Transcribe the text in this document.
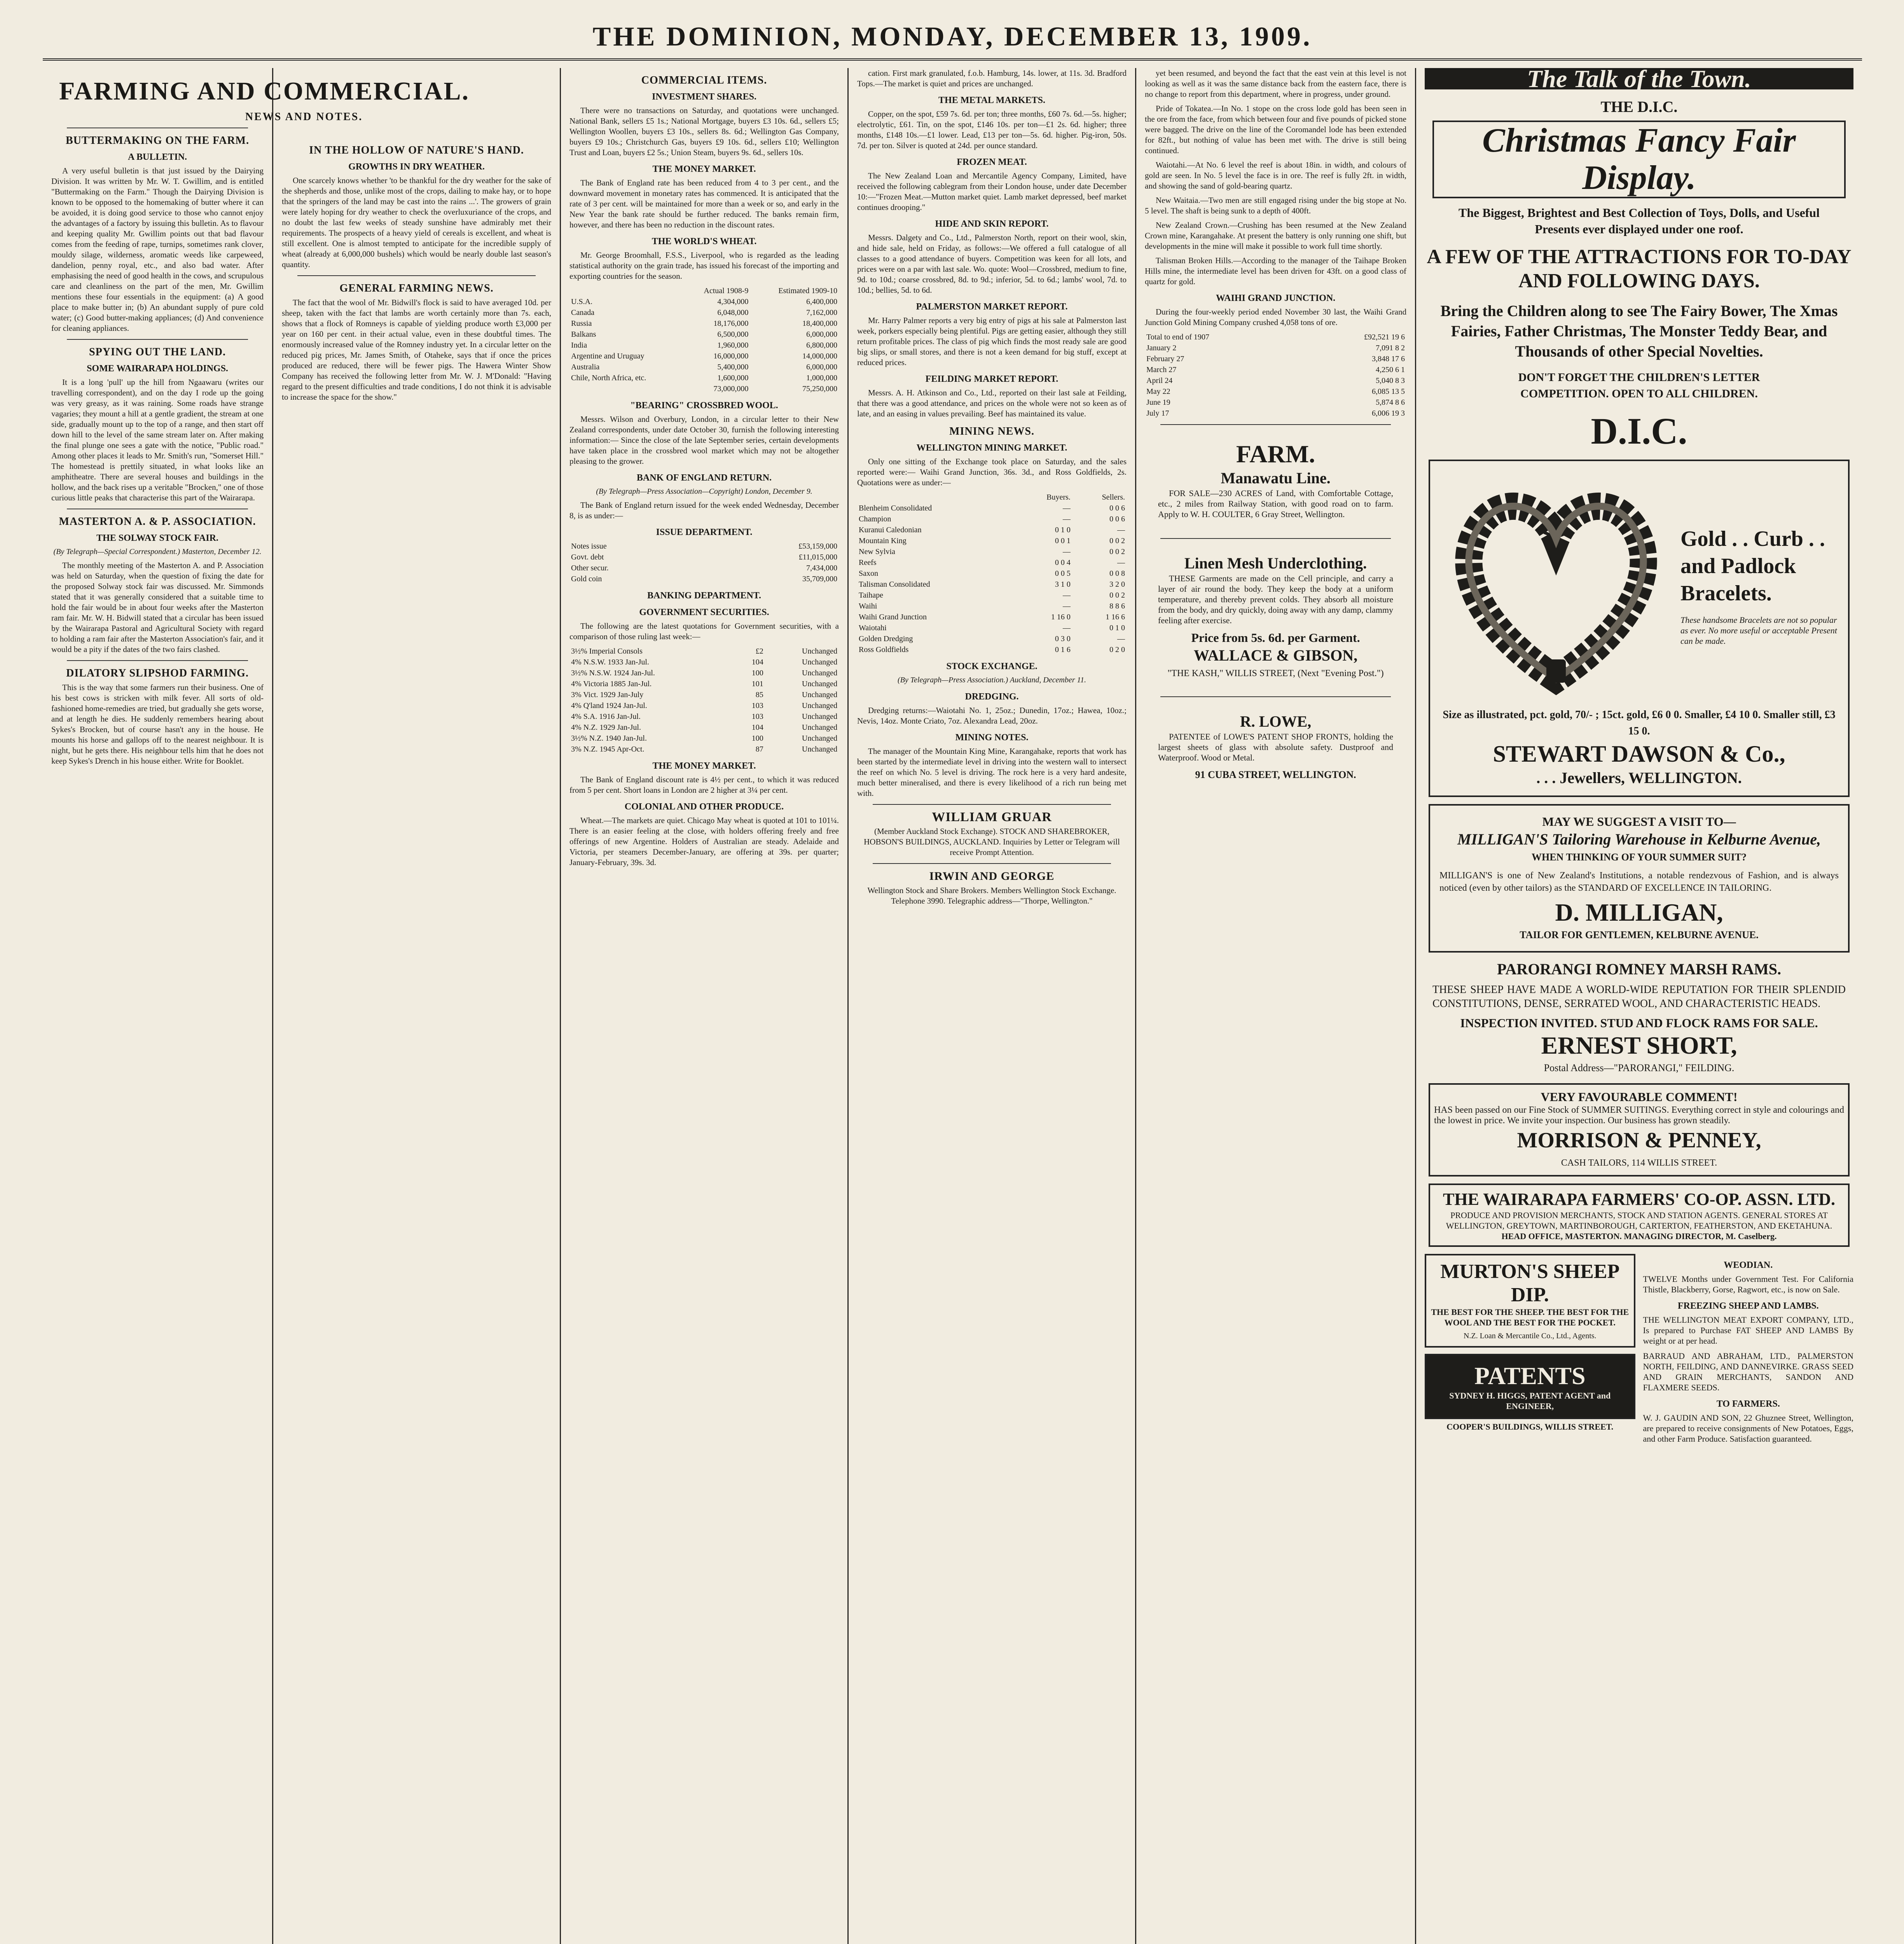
THE DOMINION, MONDAY, DECEMBER 13, 1909.
FARMING AND COMMERCIAL.
NEWS AND NOTES.
BUTTERMAKING ON THE FARM.
A BULLETIN.

A very useful bulletin is that just issued by the Dairying Division. It was written by Mr. W. T. Gwillim, and is entitled "Buttermaking on the Farm." Though the Dairying Division is known to be opposed to the homemaking of butter where it can be avoided, it is doing good service to those who cannot enjoy the advantages of a factory by issuing this bulletin. As to flavour and keeping quality Mr. Gwillim points out that bad flavour comes from the feeding of rape, turnips, sometimes rank clover, mouldy silage, wilderness, aromatic weeds like carpeweed, dandelion, penny royal, etc., and also bad water. After emphasising the need of good health in the cows, and scrupulous care and cleanliness on the part of the men, Mr. Gwillim mentions these four essentials in the equipment: (a) A good place to make butter in; (b) An abundant supply of pure cold water; (c) Good butter-making appliances; (d) And convenience for cleaning appliances.

SPYING OUT THE LAND.
SOME WAIRARAPA HOLDINGS.

It is a long 'pull' up the hill from Ngaawaru (writes our travelling correspondent), and on the day I rode up the going was very greasy, as it was raining. Some roads have strange vagaries; they mount a hill at a gentle gradient, the stream at one side, gradually mount up to the top of a range, and then start off down hill to the level of the same stream later on. After making the final plunge one sees a gate with the notice, "Public road." Among other places it leads to Mr. Smith's run, "Somerset Hill." The homestead is prettily situated, in what looks like an amphitheatre. There are several houses and buildings in the hollow, and the back rises up a veritable "Brocken," one of those curious little peaks that characterise this part of the Wairarapa.

MASTERTON A. & P. ASSOCIATION.
THE SOLWAY STOCK FAIR.
(By Telegraph—Special Correspondent.) Masterton, December 12.

The monthly meeting of the Masterton A. and P. Association was held on Saturday, when the question of fixing the date for the proposed Solway stock fair was discussed. Mr. Simmonds stated that it was generally considered that a suitable time to hold the fair would be in about four weeks after the Masterton ram fair. Mr. W. H. Bidwill stated that a circular has been issued by the Wairarapa Pastoral and Agricultural Society with regard to holding a ram fair after the Masterton Association's fair, and it would be a pity if the dates of the two fairs clashed.

DILATORY SLIPSHOD FARMING.

This is the way that some farmers run their business. One of his best cows is stricken with milk fever. All sorts of old-fashioned home-remedies are tried, but gradually she gets worse, and at length he dies. He suddenly remembers hearing about Sykes's Brocken, but of course hasn't any in the house. He mounts his horse and gallops off to the nearest neighbour. It is night, but he gets there. His neighbour tells him that he does not keep Sykes's Drench in his house either. Write for Booklet.

IN THE HOLLOW OF NATURE'S HAND.
GROWTHS IN DRY WEATHER.

One scarcely knows whether 'to be thankful for the dry weather for the sake of the shepherds and those, unlike most of the crops, dailing to make hay, or to hope that the springers of the land may be cast into the rains ...'. The growers of grain were lately hoping for dry weather to check the overluxuriance of the crops, and no doubt the last few weeks of steady sunshine have admirably met their requirements. The prospects of a heavy yield of cereals is excellent, and wheat is still excellent. One is almost tempted to anticipate for the incredible supply of wheat (already at 6,000,000 bushels) which would be nearly double last season's quantity.

GENERAL FARMING NEWS.

The fact that the wool of Mr. Bidwill's flock is said to have averaged 10d. per sheep, taken with the fact that lambs are worth certainly more than 7s. each, shows that a flock of Romneys is capable of yielding produce worth £3,000 per year on 160 per cent. in their actual value, even in these doubtful times. The enormously increased value of the Romney industry yet. In a circular letter on the reduced pig prices, Mr. James Smith, of Otaheke, says that if once the prices produced are reduced, there will be fewer pigs. The Hawera Winter Show Company has received the following letter from Mr. W. J. M'Donald: "Having regard to the present difficulties and trade conditions, I do not think it is advisable to increase the space for the show."

COMMERCIAL ITEMS.
INVESTMENT SHARES.

There were no transactions on Saturday, and quotations were unchanged. National Bank, sellers £5 1s.; National Mortgage, buyers £3 10s. 6d., sellers £5; Wellington Woollen, buyers £3 10s., sellers 8s. 6d.; Wellington Gas Company, buyers £9 10s.; Christchurch Gas, buyers £9 10s. 6d., sellers £10; Wellington Trust and Loan, buyers £2 5s.; Union Steam, buyers 9s. 6d., sellers 10s.

THE MONEY MARKET.

The Bank of England rate has been reduced from 4 to 3 per cent., and the downward movement in monetary rates has commenced. It is anticipated that the rate of 3 per cent. will be maintained for more than a week or so, and early in the New Year the bank rate should be further reduced. The banks remain firm, however, and there has been no reduction in the discount rates.

THE WORLD'S WHEAT.

Mr. George Broomhall, F.S.S., Liverpool, who is regarded as the leading statistical authority on the grain trade, has issued his forecast of the importing and exporting countries for the season.

	Actual 1908-9	Estimated 1909-10
U.S.A.	4,304,000	6,400,000
Canada	6,048,000	7,162,000
Russia	18,176,000	18,400,000
Balkans	6,500,000	6,000,000
India	1,960,000	6,800,000
Argentine and Uruguay	16,000,000	14,000,000
Australia	5,400,000	6,000,000
Chile, North Africa, etc.	1,600,000	1,000,000
	73,000,000	75,250,000
"BEARING" CROSSBRED WOOL.

Messrs. Wilson and Overbury, London, in a circular letter to their New Zealand correspondents, under date October 30, furnish the following interesting information:— Since the close of the late September series, certain developments have taken place in the crossbred wool market which may not be altogether pleasing to the grower.

BANK OF ENGLAND RETURN.
(By Telegraph—Press Association—Copyright) London, December 9.

The Bank of England return issued for the week ended Wednesday, December 8, is as under:—

ISSUE DEPARTMENT.
Notes issue	£53,159,000
Govt. debt	£11,015,000
Other secur.	7,434,000
Gold coin	35,709,000
BANKING DEPARTMENT.
GOVERNMENT SECURITIES.

The following are the latest quotations for Government securities, with a comparison of those ruling last week:—

3½% Imperial Consols	£2	Unchanged
4% N.S.W. 1933 Jan-Jul.	104	Unchanged
3½% N.S.W. 1924 Jan-Jul.	100	Unchanged
4% Victoria 1885 Jan-Jul.	101	Unchanged
3% Vict. 1929 Jan-July	85	Unchanged
4% Q'land 1924 Jan-Jul.	103	Unchanged
4% S.A. 1916 Jan-Jul.	103	Unchanged
4% N.Z. 1929 Jan-Jul.	104	Unchanged
3½% N.Z. 1940 Jan-Jul.	100	Unchanged
3% N.Z. 1945 Apr-Oct.	87	Unchanged
THE MONEY MARKET.

The Bank of England discount rate is 4½ per cent., to which it was reduced from 5 per cent. Short loans in London are 2 higher at 3¼ per cent.

COLONIAL AND OTHER PRODUCE.

Wheat.—The markets are quiet. Chicago May wheat is quoted at 101 to 101¼. There is an easier feeling at the close, with holders offering freely and free offerings of new Argentine. Holders of Australian are steady. Adelaide and Victoria, per steamers December-January, are offering at 39s. per quarter; January-February, 39s. 3d.

cation. First mark granulated, f.o.b. Hamburg, 14s. lower, at 11s. 3d. Bradford Tops.—The market is quiet and prices are unchanged.

THE METAL MARKETS.

Copper, on the spot, £59 7s. 6d. per ton; three months, £60 7s. 6d.—5s. higher; electrolytic, £61. Tin, on the spot, £146 10s. per ton—£1 2s. 6d. higher; three months, £148 10s.—£1 lower. Lead, £13 per ton—5s. 6d. higher. Pig-iron, 50s. 7d. per ton. Silver is quoted at 24d. per ounce standard.

FROZEN MEAT.

The New Zealand Loan and Mercantile Agency Company, Limited, have received the following cablegram from their London house, under date December 10:—"Frozen Meat.—Mutton market quiet. Lamb market depressed, beef market continues drooping."

HIDE AND SKIN REPORT.

Messrs. Dalgety and Co., Ltd., Palmerston North, report on their wool, skin, and hide sale, held on Friday, as follows:—We offered a full catalogue of all classes to a good attendance of buyers. Competition was keen for all lots, and prices were on a par with last sale. Wo. quote: Wool—Crossbred, medium to fine, 9d. to 10d.; coarse crossbred, 8d. to 9d.; inferior, 5d. to 6d.; lambs' wool, 7d. to 10d.; bellies, 5d. to 6d.

PALMERSTON MARKET REPORT.

Mr. Harry Palmer reports a very big entry of pigs at his sale at Palmerston last week, porkers especially being plentiful. Pigs are getting easier, although they still return profitable prices. The class of pig which finds the most ready sale are good big slips, or small stores, and there is not a keen demand for big stuff, except at reduced prices.

FEILDING MARKET REPORT.

Messrs. A. H. Atkinson and Co., Ltd., reported on their last sale at Feilding, that there was a good attendance, and prices on the whole were not so keen as of late, and an easing in values prevailing. Beef has maintained its value.

MINING NEWS.
WELLINGTON MINING MARKET.

Only one sitting of the Exchange took place on Saturday, and the sales reported were:— Waihi Grand Junction, 36s. 3d., and Ross Goldfields, 2s. Quotations were as under:—

	Buyers.	Sellers.
Blenheim Consolidated	—	0 0 6
Champion	—	0 0 6
Kuranui Caledonian	0 1 0	—
Mountain King	0 0 1	0 0 2
New Sylvia	—	0 0 2
Reefs	0 0 4	—
Saxon	0 0 5	0 0 8
Talisman Consolidated	3 1 0	3 2 0
Taihape	—	0 0 2
Waihi	—	8 8 6
Waihi Grand Junction	1 16 0	1 16 6
Waiotahi	—	0 1 0
Golden Dredging	0 3 0	—
Ross Goldfields	0 1 6	0 2 0
STOCK EXCHANGE.
(By Telegraph—Press Association.) Auckland, December 11.
DREDGING.

Dredging returns:—Waiotahi No. 1, 25oz.; Dunedin, 17oz.; Hawea, 10oz.; Nevis, 14oz. Monte Criato, 7oz. Alexandra Lead, 20oz.

MINING NOTES.

The manager of the Mountain King Mine, Karangahake, reports that work has been started by the intermediate level in driving into the western wall to intersect the reef on which No. 5 level is driving. The rock here is a very hard andesite, much better mineralised, and there is every likelihood of a rich run being met with.

WILLIAM GRUAR

(Member Auckland Stock Exchange). STOCK AND SHAREBROKER, HOBSON'S BUILDINGS, AUCKLAND. Inquiries by Letter or Telegram will receive Prompt Attention.

IRWIN AND GEORGE

Wellington Stock and Share Brokers. Members Wellington Stock Exchange. Telephone 3990. Telegraphic address—"Thorpe, Wellington."

yet been resumed, and beyond the fact that the east vein at this level is not looking as well as it was the same distance back from the eastern face, there is no change to report from this department, where in progress, under ground.

Pride of Tokatea.—In No. 1 stope on the cross lode gold has been seen in the ore from the face, from which between four and five pounds of picked stone were bagged. The drive on the line of the Coromandel lode has been extended for 82ft., but nothing of value has been met with. The drive is still being continued.

Waiotahi.—At No. 6 level the reef is about 18in. in width, and colours of gold are seen. In No. 5 level the face is in ore. The reef is fully 2ft. in width, and showing the sand of gold-bearing quartz.

New Waitaia.—Two men are still engaged rising under the big stope at No. 5 level. The shaft is being sunk to a depth of 400ft.

New Zealand Crown.—Crushing has been resumed at the New Zealand Crown mine, Karangahake. At present the battery is only running one shift, but developments in the mine will make it possible to work full time shortly.

Talisman Broken Hills.—According to the manager of the Taihape Broken Hills mine, the intermediate level has been driven for 43ft. on a good class of quartz for gold.

WAIHI GRAND JUNCTION.

During the four-weekly period ended November 30 last, the Waihi Grand Junction Gold Mining Company crushed 4,058 tons of ore.

Total to end of 1907	£92,521 19 6
January 2	7,091 8 2
February 27	3,848 17 6
March 27	4,250 6 1
April 24	5,040 8 3
May 22	6,085 13 5
June 19	5,874 8 6
July 17	6,006 19 3
FARM.
Manawatu Line.

FOR SALE—230 ACRES of Land, with Comfortable Cottage, etc., 2 miles from Railway Station, with good road on to farm. Apply to W. H. COULTER, 6 Gray Street, Wellington.

Linen Mesh Underclothing.

THESE Garments are made on the Cell principle, and carry a layer of air round the body. They keep the body at a uniform temperature, and thereby prevent colds. They absorb all moisture from the body, and dry quickly, doing away with any damp, clammy feeling after exercise.

Price from 5s. 6d. per Garment.
WALLACE & GIBSON,
"THE KASH," WILLIS STREET, (Next "Evening Post.")
R. LOWE,

PATENTEE of LOWE'S PATENT SHOP FRONTS, holding the largest sheets of glass with absolute safety. Dustproof and Waterproof. Wood or Metal.

91 CUBA STREET, WELLINGTON.
The Talk of the Town.
THE D.I.C.
Christmas Fancy Fair Display.
The Biggest, Brightest and Best Collection of Toys, Dolls, and Useful Presents ever displayed under one roof.
A FEW OF THE ATTRACTIONS FOR TO-DAY AND FOLLOWING DAYS.
Bring the Children along to see The Fairy Bower, The Xmas Fairies, Father Christmas, The Monster Teddy Bear, and Thousands of other Special Novelties.
DON'T FORGET THE CHILDREN'S LETTER COMPETITION. OPEN TO ALL CHILDREN.
D.I.C.
Gold . . Curb . . and Padlock Bracelets.
These handsome Bracelets are not so popular as ever. No more useful or acceptable Present can be made.
Size as illustrated, pct. gold, 70/- ; 15ct. gold, £6 0 0. Smaller, £4 10 0. Smaller still, £3 15 0.
STEWART DAWSON & Co.,
. . . Jewellers, WELLINGTON.
MAY WE SUGGEST A VISIT TO—
MILLIGAN'S Tailoring Warehouse in Kelburne Avenue,
WHEN THINKING OF YOUR SUMMER SUIT?
MILLIGAN'S is one of New Zealand's Institutions, a notable rendezvous of Fashion, and is always noticed (even by other tailors) as the STANDARD OF EXCELLENCE IN TAILORING.
D. MILLIGAN,
TAILOR FOR GENTLEMEN, KELBURNE AVENUE.
PARORANGI ROMNEY MARSH RAMS.
THESE SHEEP HAVE MADE A WORLD-WIDE REPUTATION FOR THEIR SPLENDID CONSTITUTIONS, DENSE, SERRATED WOOL, AND CHARACTERISTIC HEADS.
INSPECTION INVITED. STUD AND FLOCK RAMS FOR SALE.
ERNEST SHORT,
Postal Address—"PARORANGI," FEILDING.
VERY FAVOURABLE COMMENT!
HAS been passed on our Fine Stock of SUMMER SUITINGS. Everything correct in style and colourings and the lowest in price. We invite your inspection. Our business has grown steadily.
MORRISON & PENNEY,
CASH TAILORS, 114 WILLIS STREET.
THE WAIRARAPA FARMERS' CO-OP. ASSN. LTD.
PRODUCE AND PROVISION MERCHANTS, STOCK AND STATION AGENTS. GENERAL STORES AT WELLINGTON, GREYTOWN, MARTINBOROUGH, CARTERTON, FEATHERSTON, AND EKETAHUNA.
HEAD OFFICE, MASTERTON. MANAGING DIRECTOR, M. Caselberg.
MURTON'S SHEEP DIP.
THE BEST FOR THE SHEEP. THE BEST FOR THE WOOL AND THE BEST FOR THE POCKET.
N.Z. Loan & Mercantile Co., Ltd., Agents.
PATENTS
SYDNEY H. HIGGS, PATENT AGENT and ENGINEER,
COOPER'S BUILDINGS, WILLIS STREET.
WEODIAN.
TWELVE Months under Government Test. For California Thistle, Blackberry, Gorse, Ragwort, etc., is now on Sale.
FREEZING SHEEP AND LAMBS.
THE WELLINGTON MEAT EXPORT COMPANY, LTD., Is prepared to Purchase FAT SHEEP AND LAMBS By weight or at per head.
BARRAUD AND ABRAHAM, LTD., PALMERSTON NORTH, FEILDING, AND DANNEVIRKE. GRASS SEED AND GRAIN MERCHANTS, SANDON AND FLAXMERE SEEDS.
TO FARMERS.
W. J. GAUDIN AND SON, 22 Ghuznee Street, Wellington, are prepared to receive consignments of New Potatoes, Eggs, and other Farm Produce. Satisfaction guaranteed.
